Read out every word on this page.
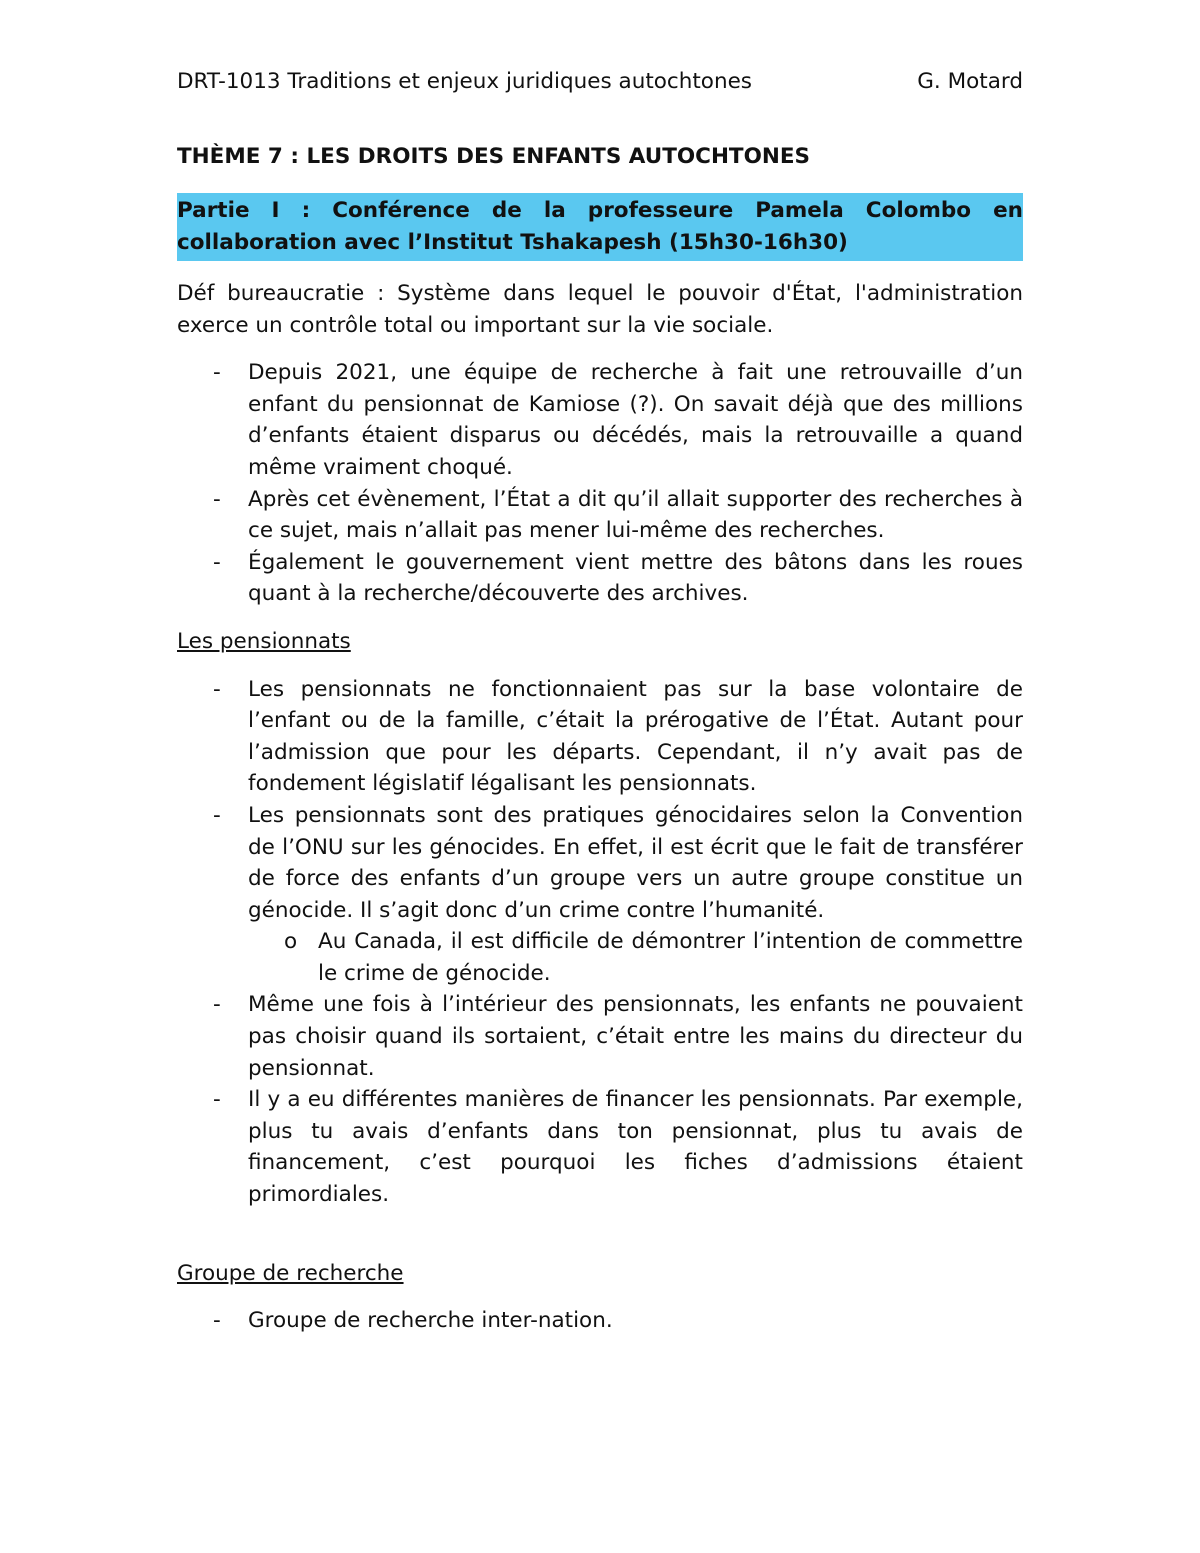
DRT-1013 Traditions et enjeux juridiques autochtones	G. Motard
THÈME 7 : LES DROITS DES ENFANTS AUTOCHTONES
Partie I : Conférence de la professeure Pamela Colombo en collaboration avec l’Institut Tshakapesh (15h30-16h30)
Déf bureaucratie : Système dans lequel le pouvoir d'État, l'administration exerce un contrôle total ou important sur la vie sociale.
- Depuis 2021, une équipe de recherche à fait une retrouvaille d’un enfant du pensionnat de Kamiose (?). On savait déjà que des millions d’enfants étaient disparus ou décédés, mais la retrouvaille a quand même vraiment choqué.
- Après cet évènement, l’État a dit qu’il allait supporter des recherches à ce sujet, mais n’allait pas mener lui-même des recherches.
- Également le gouvernement vient mettre des bâtons dans les roues quant à la recherche/découverte des archives.
Les pensionnats
- Les pensionnats ne fonctionnaient pas sur la base volontaire de l’enfant ou de la famille, c’était la prérogative de l’État. Autant pour l’admission que pour les départs. Cependant, il n’y avait pas de fondement législatif légalisant les pensionnats.
- Les pensionnats sont des pratiques génocidaires selon la Convention de l’ONU sur les génocides. En effet, il est écrit que le fait de transférer de force des enfants d’un groupe vers un autre groupe constitue un génocide. Il s’agit donc d’un crime contre l’humanité.
o Au Canada, il est difficile de démontrer l’intention de commettre le crime de génocide.
- Même une fois à l’intérieur des pensionnats, les enfants ne pouvaient pas choisir quand ils sortaient, c’était entre les mains du directeur du pensionnat.
- Il y a eu différentes manières de financer les pensionnats. Par exemple, plus tu avais d’enfants dans ton pensionnat, plus tu avais de financement, c’est pourquoi les fiches d’admissions étaient primordiales.
Groupe de recherche
- Groupe de recherche inter-nation.
